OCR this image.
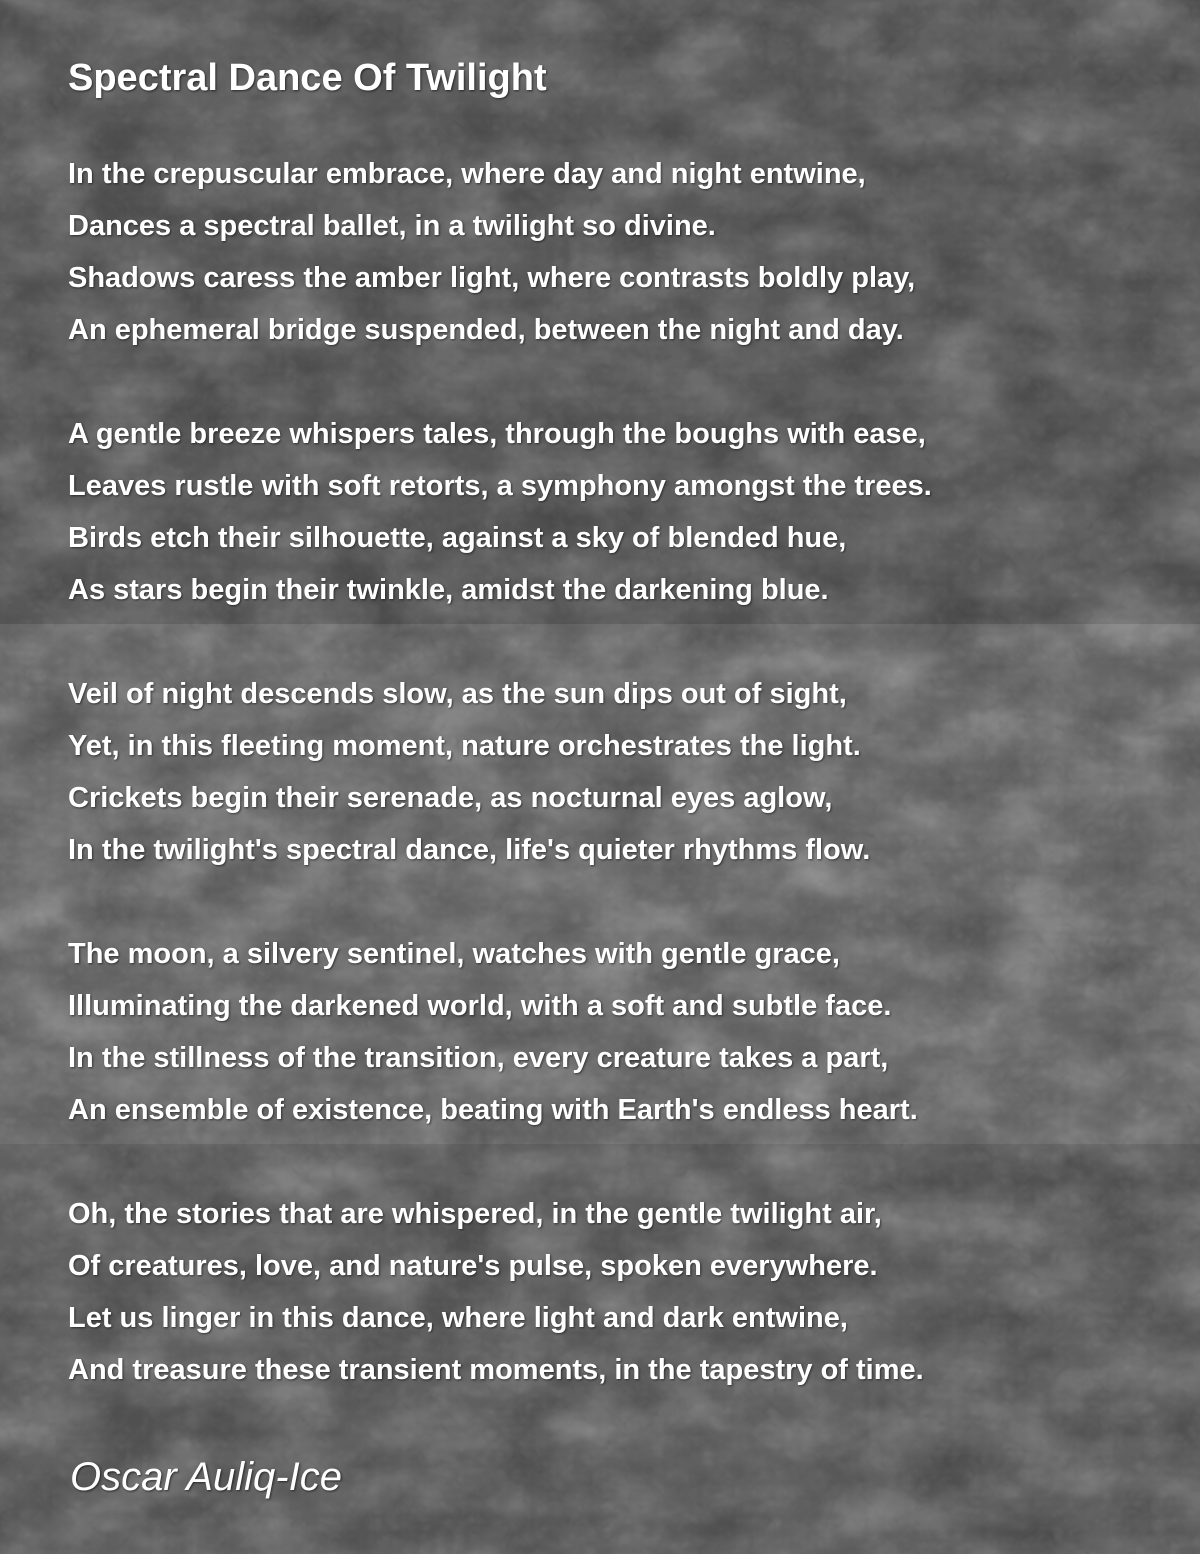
Spectral Dance Of Twilight
In the crepuscular embrace, where day and night entwine,
Dances a spectral ballet, in a twilight so divine.
Shadows caress the amber light, where contrasts boldly play,
An ephemeral bridge suspended, between the night and day.
A gentle breeze whispers tales, through the boughs with ease,
Leaves rustle with soft retorts, a symphony amongst the trees.
Birds etch their silhouette, against a sky of blended hue,
As stars begin their twinkle, amidst the darkening blue.
Veil of night descends slow, as the sun dips out of sight,
Yet, in this fleeting moment, nature orchestrates the light.
Crickets begin their serenade, as nocturnal eyes aglow,
In the twilight's spectral dance, life's quieter rhythms flow.
The moon, a silvery sentinel, watches with gentle grace,
Illuminating the darkened world, with a soft and subtle face.
In the stillness of the transition, every creature takes a part,
An ensemble of existence, beating with Earth's endless heart.
Oh, the stories that are whispered, in the gentle twilight air,
Of creatures, love, and nature's pulse, spoken everywhere.
Let us linger in this dance, where light and dark entwine,
And treasure these transient moments, in the tapestry of time.
Oscar Auliq-Ice
